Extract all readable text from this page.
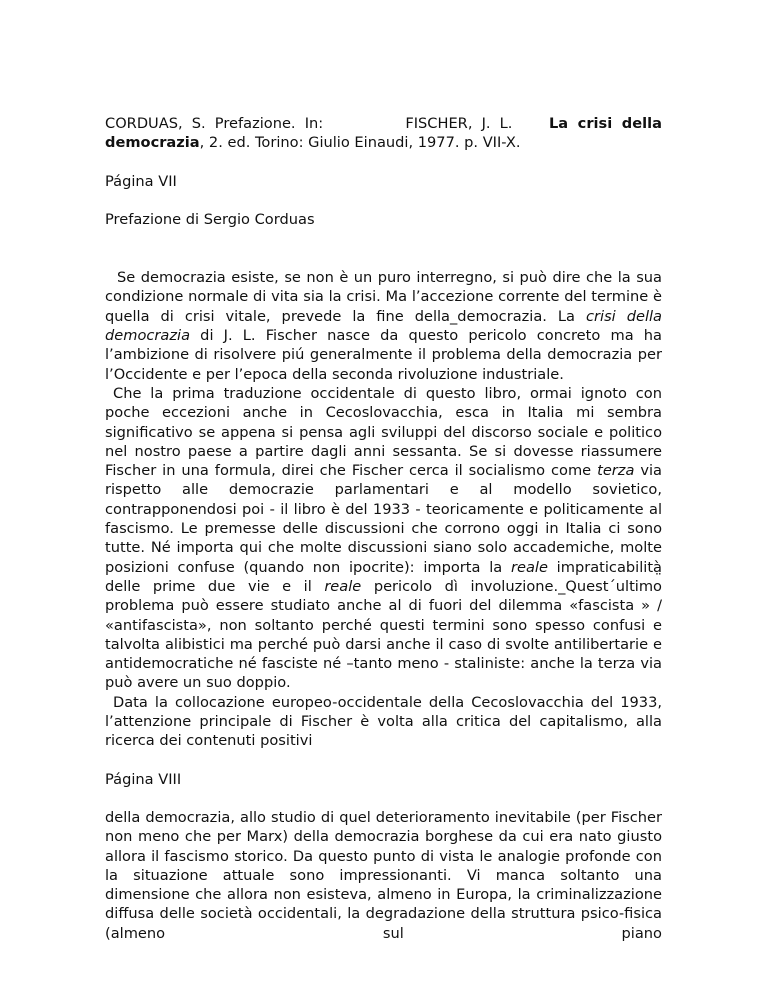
CORDUAS, S. Prefazione. In:	FISCHER, J. L.	La crisi della democrazia, 2. ed. Torino: Giulio Einaudi, 1977. p. VII-X.

Página VII

Prefazione di Sergio Corduas

Se democrazia esiste, se non è un puro interregno, si può dire che la sua condizione normale di vita sia la crisi. Ma l’accezione corrente del termine è quella di crisi vitale, prevede la fine della_democrazia. La crisi della democrazia di J. L. Fischer nasce da questo pericolo concreto ma ha l’ambizione di risolvere piú generalmente il problema della democrazia per l’Occidente e per l’epoca della seconda rivoluzione industriale.

Che la prima traduzione occidentale di questo libro, ormai ignoto con poche eccezioni anche in Cecoslovacchia, esca in Italia mi sembra significativo se appena si pensa agli sviluppi del discorso sociale e politico nel nostro paese a partire dagli anni sessanta. Se si dovesse riassumere Fischer in una formula, direi che Fischer cerca il socialismo come terza via rispetto alle democrazie parlamentari e al modello sovietico, contrapponendosi poi - il libro è del 1933 - teoricamente e politicamente al fascismo. Le premesse delle discussioni che corrono oggi in Italia ci sono tutte. Né importa qui che molte discussioni siano solo accademiche, molte posizioni confuse (quando non ipocrite): importa la reale impraticabilità̤ delle prime due vie e il reale pericolo dì involuzione._Quest´ultimo problema può essere studiato anche al di fuori del dilemma «fascista » / «antifascista», non soltanto perché questi termini sono spesso confusi e talvolta alibistici ma perché può darsi anche il caso di svolte antilibertarie e antidemocratiche né fasciste né –tanto meno - staliniste: anche la terza via può avere un suo doppio.

Data la collocazione europeo-occidentale della Cecoslovacchia del 1933, l’attenzione principale di Fischer è volta alla critica del capitalismo, alla ricerca dei contenuti positivi

Página VIII

della democrazia, allo studio di quel deterioramento inevitabile (per Fischer non meno che per Marx) della democrazia borghese da cui era nato giusto allora il fascismo storico. Da questo punto di vista le analogie profonde con la situazione attuale sono impressionanti. Vi manca soltanto una dimensione che allora non esisteva, almeno in Europa, la criminalizzazione diffusa delle società occidentali, la degradazione della struttura psico-fisica (almeno sul piano
